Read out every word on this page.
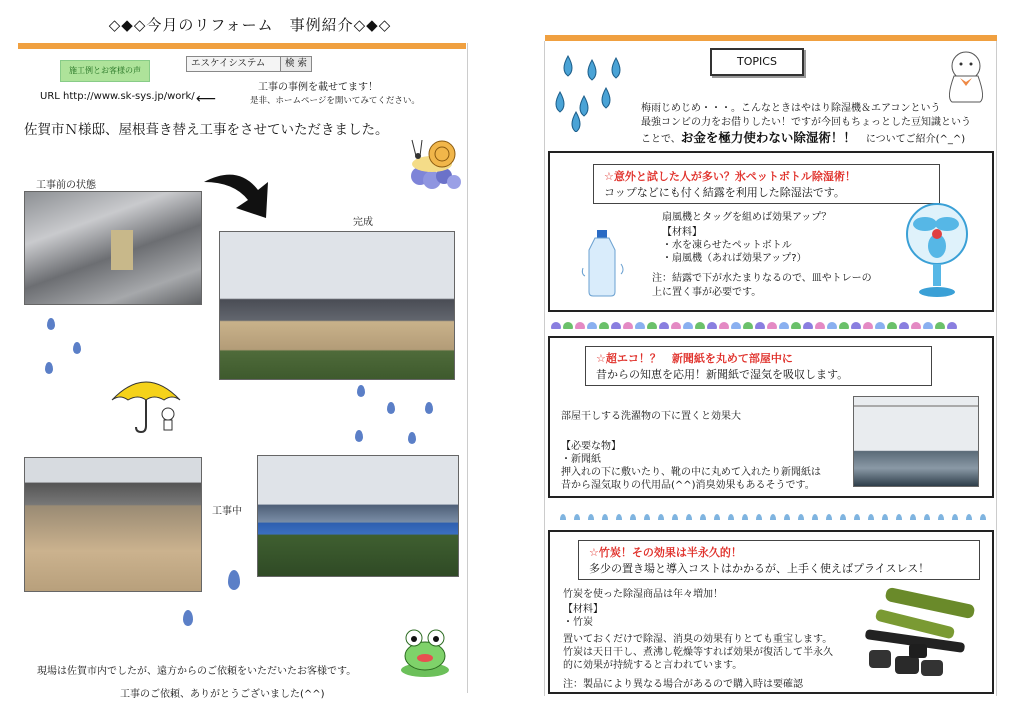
◇◆◇今月のリフォーム　事例紹介◇◆◇
施工例とお客様の声
エスケイシステム	検 索
工事の事例を載せてます！
URL http://www.sk-sys.jp/work/ ⟵	是非、ホームページを開いてみてください。
佐賀市Ｎ様邸、屋根葺き替え工事をさせていただきました。
工事前の状態
完成
工事中
現場は佐賀市内でしたが、遠方からのご依頼をいただいたお客様です。
工事のご依頼、ありがとうございました(^^)
TOPICS
梅雨じめじめ・・・。こんなときはやはり除湿機＆エアコンという
最強コンビの力をお借りしたい！ですが今回もちょっとした豆知識という
ことで、お金を極力使わない除湿術！！　 についてご紹介(^_^)
☆意外と試した人が多い？氷ペットボトル除湿術！
コップなどにも付く結露を利用した除湿法です。
扇風機とタッグを組めば効果アップ？
【材料】
・水を凍らせたペットボトル
・扇風機（あれば効果アップ?）
注：結露で下が水たまりなるので、皿やトレーの
上に置く事が必要です。
☆超エコ！？　新聞紙を丸めて部屋中に
昔からの知恵を応用！新聞紙で湿気を吸収します。
部屋干しする洗濯物の下に置くと効果大
【必要な物】
・新聞紙
押入れの下に敷いたり、靴の中に丸めて入れたり新聞紙は
昔から湿気取りの代用品(^^)消臭効果もあるそうです。
☆竹炭！その効果は半永久的！
多少の置き場と導入コストはかかるが、上手く使えばプライスレス！
竹炭を使った除湿商品は年々増加！
【材料】
・竹炭
置いておくだけで除湿、消臭の効果有りとても重宝します。
竹炭は天日干し、煮沸し乾燥等すれば効果が復活して半永久
的に効果が持続すると言われています。
注：製品により異なる場合があるので購入時は要確認
